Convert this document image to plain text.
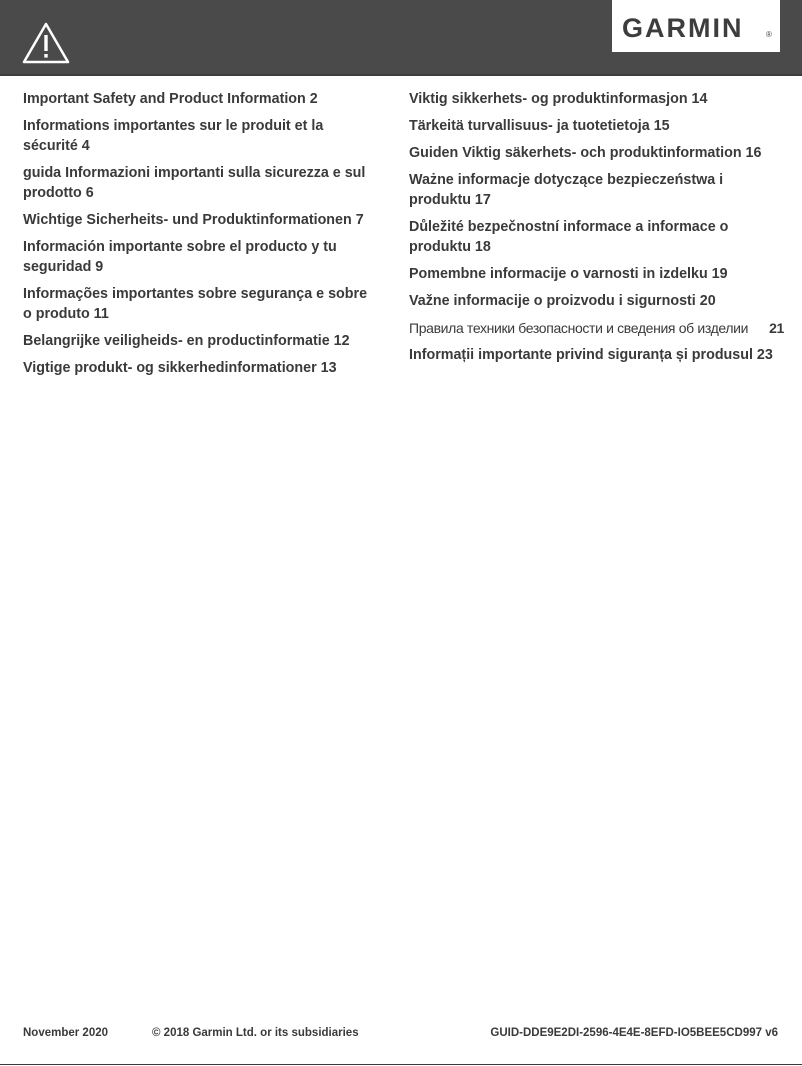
GARMIN	®
Important Safety and Product Information 2
Informations importantes sur le produit et la sécurité 4
guida Informazioni importanti sulla sicurezza e sul prodotto 6
Wichtige Sicherheits- und Produktinformationen 7
Información importante sobre el producto y tu seguridad 9
Informações importantes sobre segurança e sobre o produto 11
Belangrijke veiligheids- en productinformatie 12
Vigtige produkt- og sikkerhedinformationer 13
Viktig sikkerhets- og produktinformasjon 14
Tärkeitä turvallisuus- ja tuotetietoja 15
Guiden Viktig säkerhets- och produktinformation 16
Ważne informacje dotyczące bezpieczeństwa i produktu 17
Důležité bezpečnostní informace a informace o produktu 18
Pomembne informacije o varnosti in izdelku 19
Važne informacije o proizvodu i sigurnosti 20
Правила техники безопасности и сведения об изделии 21
Informații importante privind siguranța și produsul 23
November 2020	© 2018 Garmin Ltd. or its subsidiaries	GUID-DDE9E2DI-2596-4E4E-8EFD-IO5BEE5CD997 v6
